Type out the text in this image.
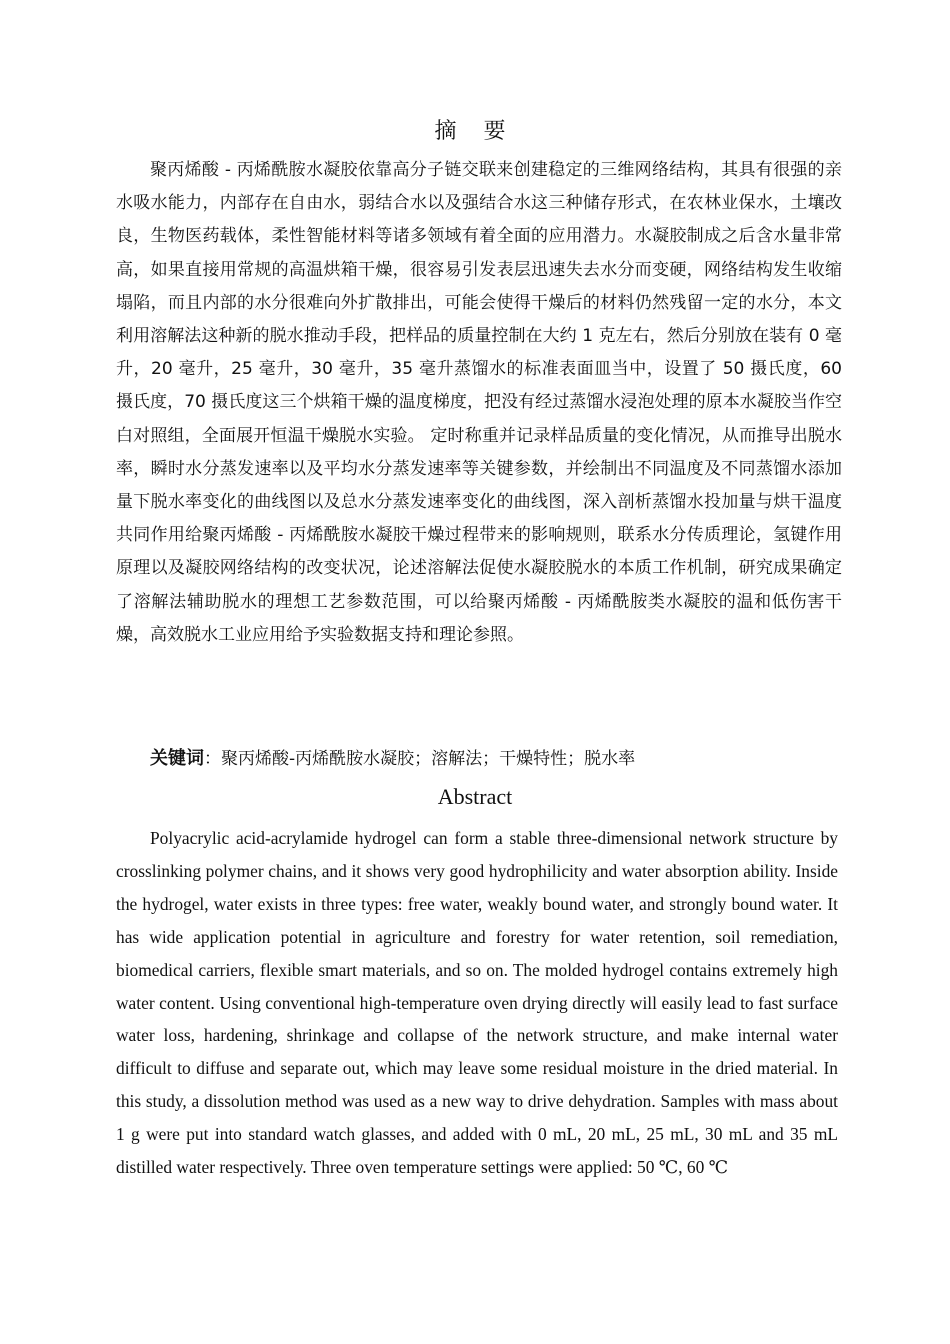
摘 要

聚丙烯酸 - 丙烯酰胺水凝胶依靠高分子链交联来创建稳定的三维网络结构，其具有很强的亲水吸水能力，内部存在自由水，弱结合水以及强结合水这三种储存形式，在农林业保水，土壤改良，生物医药载体，柔性智能材料等诸多领域有着全面的应用潜力。水凝胶制成之后含水量非常高，如果直接用常规的高温烘箱干燥，很容易引发表层迅速失去水分而变硬，网络结构发生收缩塌陷，而且内部的水分很难向外扩散排出，可能会使得干燥后的材料仍然残留一定的水分，本文利用溶解法这种新的脱水推动手段，把样品的质量控制在大约 1 克左右，然后分别放在装有 0 毫升，20 毫升，25 毫升，30 毫升，35 毫升蒸馏水的标准表面皿当中，设置了 50 摄氏度，60 摄氏度，70 摄氏度这三个烘箱干燥的温度梯度，把没有经过蒸馏水浸泡处理的原本水凝胶当作空白对照组，全面展开恒温干燥脱水实验。 定时称重并记录样品质量的变化情况，从而推导出脱水率，瞬时水分蒸发速率以及平均水分蒸发速率等关键参数，并绘制出不同温度及不同蒸馏水添加量下脱水率变化的曲线图以及总水分蒸发速率变化的曲线图，深入剖析蒸馏水投加量与烘干温度共同作用给聚丙烯酸 - 丙烯酰胺水凝胶干燥过程带来的影响规则，联系水分传质理论，氢键作用原理以及凝胶网络结构的改变状况，论述溶解法促使水凝胶脱水的本质工作机制，研究成果确定了溶解法辅助脱水的理想工艺参数范围，可以给聚丙烯酸 - 丙烯酰胺类水凝胶的温和低伤害干燥，高效脱水工业应用给予实验数据支持和理论参照。

关键词：聚丙烯酸-丙烯酰胺水凝胶；溶解法；干燥特性；脱水率

Abstract

Polyacrylic acid-acrylamide hydrogel can form a stable three-dimensional network structure by crosslinking polymer chains, and it shows very good hydrophilicity and water absorption ability. Inside the hydrogel, water exists in three types: free water, weakly bound water, and strongly bound water. It has wide application potential in agriculture and forestry for water retention, soil remediation, biomedical carriers, flexible smart materials, and so on. The molded hydrogel contains extremely high water content. Using conventional high-temperature oven drying directly will easily lead to fast surface water loss, hardening, shrinkage and collapse of the network structure, and make internal water difficult to diffuse and separate out, which may leave some residual moisture in the dried material. In this study, a dissolution method was used as a new way to drive dehydration. Samples with mass about 1 g were put into standard watch glasses, and added with 0 mL, 20 mL, 25 mL, 30 mL and 35 mL distilled water respectively. Three oven temperature settings were applied: 50 ℃, 60 ℃
